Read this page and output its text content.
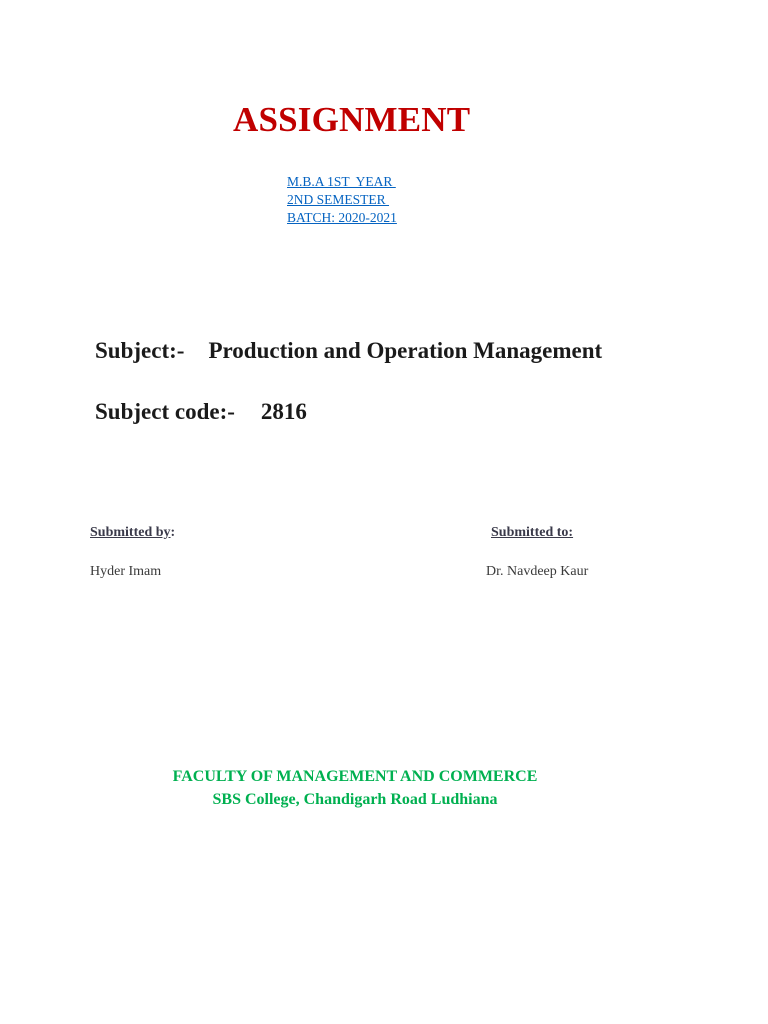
ASSIGNMENT
M.B.A 1ST  YEAR
2ND SEMESTER
BATCH: 2020-2021
Subject:- Production and Operation Management
Subject code:- 2816
Submitted by:	Submitted to:
Hyder Imam	Dr. Navdeep Kaur
FACULTY OF MANAGEMENT AND COMMERCE
SBS College, Chandigarh Road Ludhiana
